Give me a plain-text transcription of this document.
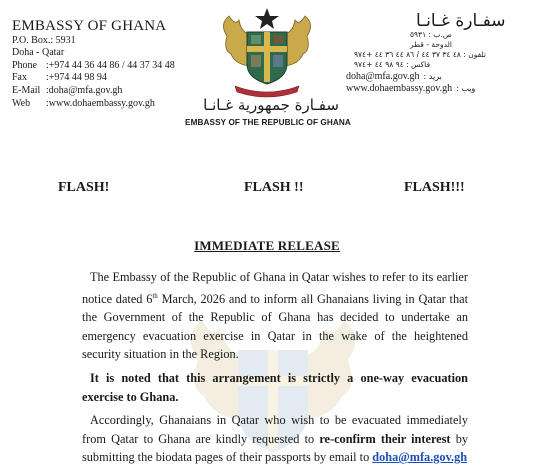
EMBASSY OF GHANA
P.O. Box.: 5931
Doha - Qatar
Phone :+974 44 36 44 86 / 44 37 34 48
Fax :+974 44 98 94
E-Mail :doha@mfa.gov.gh
Web :www.dohaembassy.gov.gh	سفـارة جمهورية غـانـا
EMBASSY OF THE REPUBLIC OF GHANA
سفـارة غـانـا
ص.ب : ٥٩٣١
الدوحة - قطر
تلفون : ٤٨ ٣٤ ٣٧ ٤٤ / ٨٦ ٤٤ ٣٦ ٤٤ +٩٧٤
فاكس : ٩٤ ٩٨ ٤٤ +٩٧٤
doha@mfa.gov.gh : بريد
www.dohaembassy.gov.gh : ويب
FLASH!	FLASH !!	FLASH!!!
IMMEDIATE RELEASE
The Embassy of the Republic of Ghana in Qatar wishes to refer to its earlier notice dated 6th March, 2026 and to inform all Ghanaians living in Qatar that the Government of the Republic of Ghana has decided to undertake an emergency evacuation exercise in Qatar in the wake of the heightened security situation in the Region.
It is noted that this arrangement is strictly a one-way evacuation exercise to Ghana.
Accordingly, Ghanaians in Qatar who wish to be evacuated immediately from Qatar to Ghana are kindly requested to re-confirm their interest by submitting the biodata pages of their passports by email to doha@mfa.gov.gh
